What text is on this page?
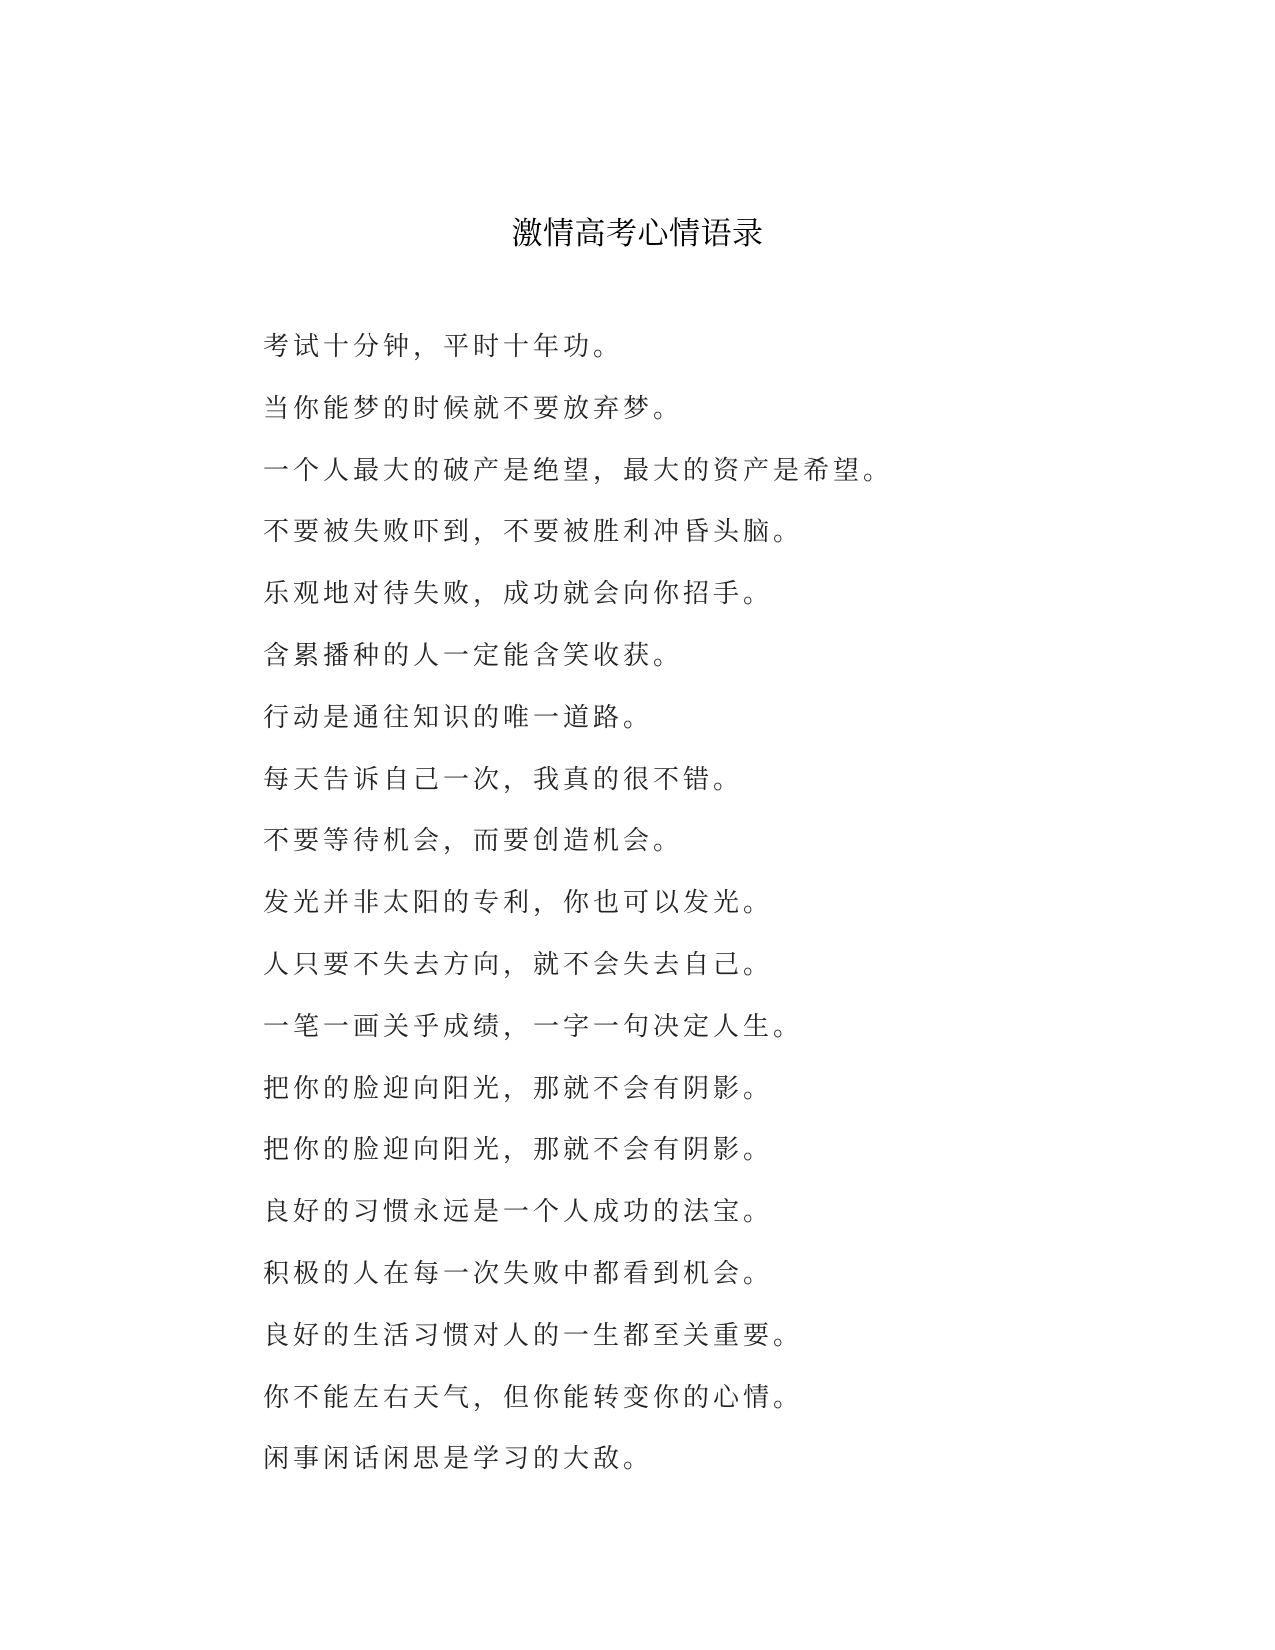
激情高考心情语录
考试十分钟，平时十年功。
当你能梦的时候就不要放弃梦。
一个人最大的破产是绝望，最大的资产是希望。
不要被失败吓到，不要被胜利冲昏头脑。
乐观地对待失败，成功就会向你招手。
含累播种的人一定能含笑收获。
行动是通往知识的唯一道路。
每天告诉自己一次，我真的很不错。
不要等待机会，而要创造机会。
发光并非太阳的专利，你也可以发光。
人只要不失去方向，就不会失去自己。
一笔一画关乎成绩，一字一句决定人生。
把你的脸迎向阳光，那就不会有阴影。
把你的脸迎向阳光，那就不会有阴影。
良好的习惯永远是一个人成功的法宝。
积极的人在每一次失败中都看到机会。
良好的生活习惯对人的一生都至关重要。
你不能左右天气，但你能转变你的心情。
闲事闲话闲思是学习的大敌。
